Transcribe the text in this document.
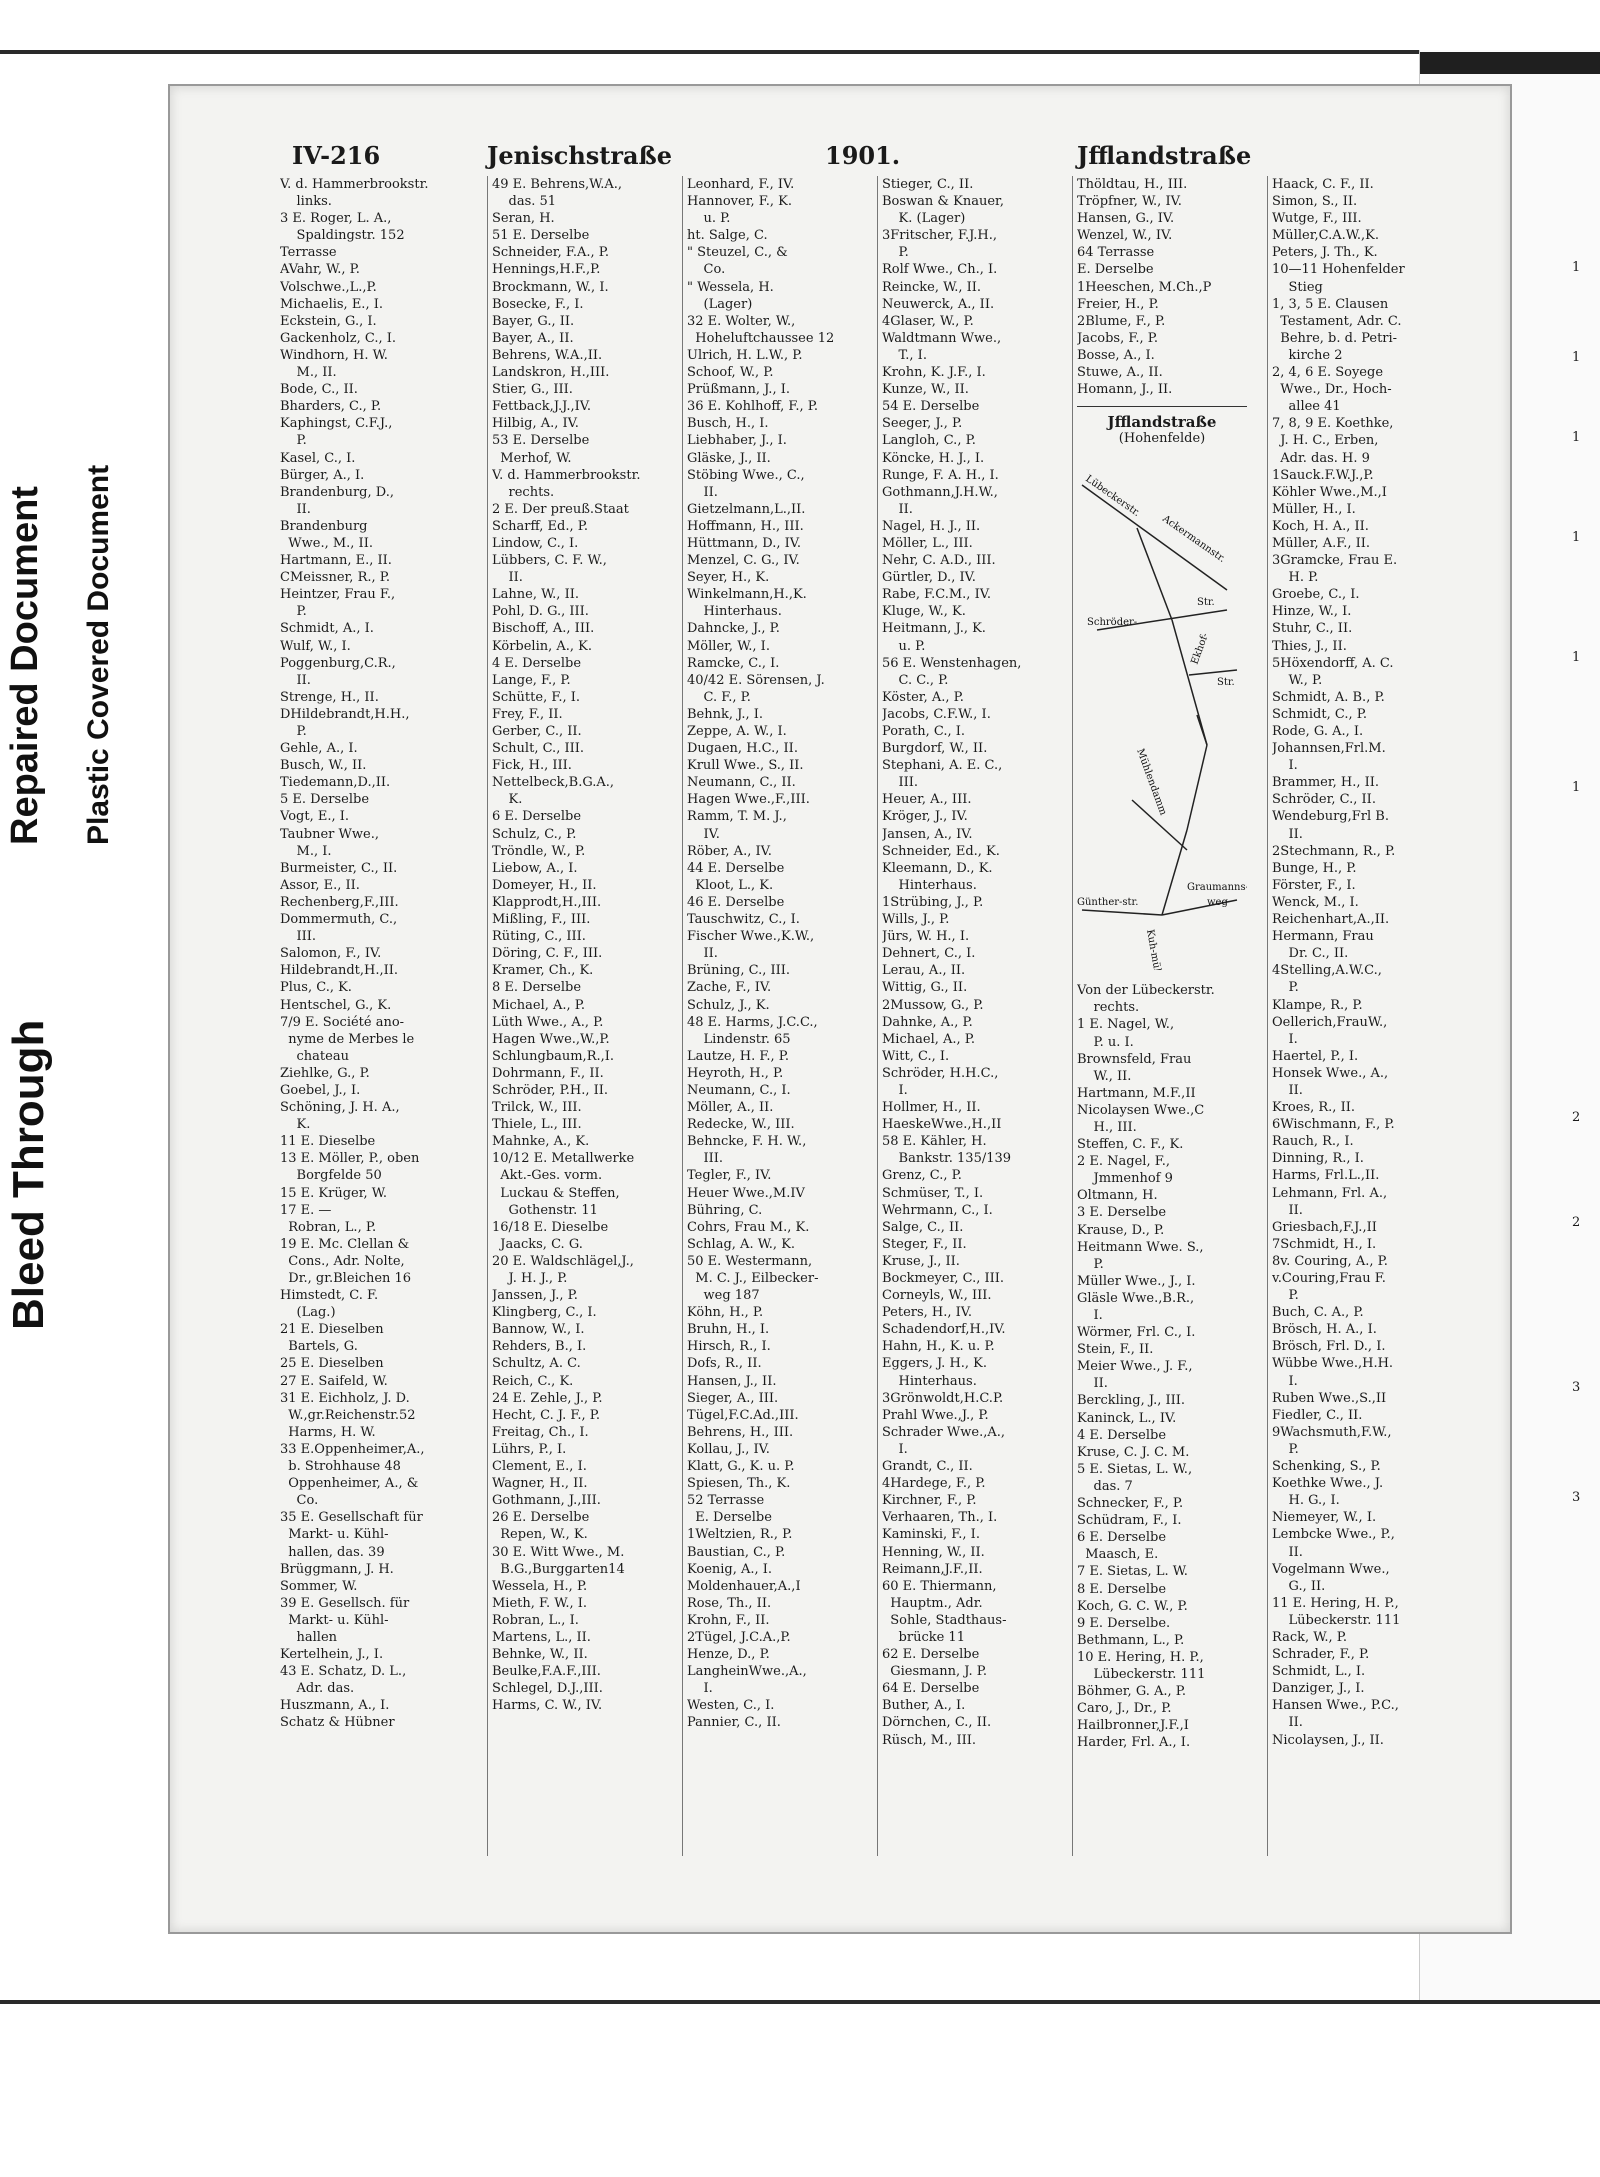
Bleed Through
Repaired Document Plastic Covered Document
1
1
1
1
1
1
2
2
3
3
IV-216	Jenischstraße	1901.	Jfflandstraße
V. d. Hammerbrookstr.
links.
3 E. Roger, L. A.,
Spaldingstr. 152
Terrasse
AVahr, W., P.
Volschwe.,L.,P.
Michaelis, E., I.
Eckstein, G., I.
Gackenholz, C., I.
Windhorn, H. W.
M., II.
Bode, C., II.
Bharders, C., P.
Kaphingst, C.F.J.,
P.
Kasel, C., I.
Bürger, A., I.
Brandenburg, D.,
II.
Brandenburg
Wwe., M., II.
Hartmann, E., II.
CMeissner, R., P.
Heintzer, Frau F.,
P.
Schmidt, A., I.
Wulf, W., I.
Poggenburg,C.R.,
II.
Strenge, H., II.
DHildebrandt,H.H.,
P.
Gehle, A., I.
Busch, W., II.
Tiedemann,D.,II.
5 E. Derselbe
Vogt, E., I.
Taubner Wwe.,
M., I.
Burmeister, C., II.
Assor, E., II.
Rechenberg,F.,III.
Dommermuth, C.,
III.
Salomon, F., IV.
Hildebrandt,H.,II.
Plus, C., K.
Hentschel, G., K.
7/9 E. Société ano-
nyme de Merbes le
chateau
Ziehlke, G., P.
Goebel, J., I.
Schöning, J. H. A.,
K.
11 E. Dieselbe
13 E. Möller, P., oben
Borgfelde 50
15 E. Krüger, W.
17 E. —
Robran, L., P.
19 E. Mc. Clellan &
Cons., Adr. Nolte,
Dr., gr.Bleichen 16
Himstedt, C. F.
(Lag.)
21 E. Dieselben
Bartels, G.
25 E. Dieselben
27 E. Saifeld, W.
31 E. Eichholz, J. D.
W.,gr.Reichenstr.52
Harms, H. W.
33 E.Oppenheimer,A.,
b. Strohhause 48
Oppenheimer, A., &
Co.
35 E. Gesellschaft für
Markt- u. Kühl-
hallen, das. 39
Brüggmann, J. H.
Sommer, W.
39 E. Gesellsch. für
Markt- u. Kühl-
hallen
Kertelhein, J., I.
43 E. Schatz, D. L.,
Adr. das.
Huszmann, A., I.
Schatz & Hübner
49 E. Behrens,W.A.,
das. 51
Seran, H.
51 E. Derselbe
Schneider, F.A., P.
Hennings,H.F.,P.
Brockmann, W., I.
Bosecke, F., I.
Bayer, G., II.
Bayer, A., II.
Behrens, W.A.,II.
Landskron, H.,III.
Stier, G., III.
Fettback,J.J.,IV.
Hilbig, A., IV.
53 E. Derselbe
Merhof, W.
V. d. Hammerbrookstr.
rechts.
2 E. Der preuß.Staat
Scharff, Ed., P.
Lindow, C., I.
Lübbers, C. F. W.,
II.
Lahne, W., II.
Pohl, D. G., III.
Bischoff, A., III.
Körbelin, A., K.
4 E. Derselbe
Lange, F., P.
Schütte, F., I.
Frey, F., II.
Gerber, C., II.
Schult, C., III.
Fick, H., III.
Nettelbeck,B.G.A.,
K.
6 E. Derselbe
Schulz, C., P.
Tröndle, W., P.
Liebow, A., I.
Domeyer, H., II.
Klapprodt,H.,III.
Mißling, F., III.
Rüting, C., III.
Döring, C. F., III.
Kramer, Ch., K.
8 E. Derselbe
Michael, A., P.
Lüth Wwe., A., P.
Hagen Wwe.,W.,P.
Schlungbaum,R.,I.
Dohrmann, F., II.
Schröder, P.H., II.
Trilck, W., III.
Thiele, L., III.
Mahnke, A., K.
10/12 E. Metallwerke
Akt.-Ges. vorm.
Luckau & Steffen,
Gothenstr. 11
16/18 E. Dieselbe
Jaacks, C. G.
20 E. Waldschlägel,J.,
J. H. J., P.
Janssen, J., P.
Klingberg, C., I.
Bannow, W., I.
Rehders, B., I.
Schultz, A. C.
Reich, C., K.
24 E. Zehle, J., P.
Hecht, C. J. F., P.
Freitag, Ch., I.
Lührs, P., I.
Clement, E., I.
Wagner, H., II.
Gothmann, J.,III.
26 E. Derselbe
Repen, W., K.
30 E. Witt Wwe., M.
B.G.,Burggarten14
Wessela, H., P.
Mieth, F. W., I.
Robran, L., I.
Martens, L., II.
Behnke, W., II.
Beulke,F.A.F.,III.
Schlegel, D.J.,III.
Harms, C. W., IV.
Leonhard, F., IV.
Hannover, F., K.
u. P.
ht. Salge, C.
" Steuzel, C., &
Co.
" Wessela, H.
(Lager)
32 E. Wolter, W.,
Hoheluftchaussee 12
Ulrich, H. L.W., P.
Schoof, W., P.
Prüßmann, J., I.
36 E. Kohlhoff, F., P.
Busch, H., I.
Liebhaber, J., I.
Gläske, J., II.
Stöbing Wwe., C.,
II.
Gietzelmann,L.,II.
Hoffmann, H., III.
Hüttmann, D., IV.
Menzel, C. G., IV.
Seyer, H., K.
Winkelmann,H.,K.
Hinterhaus.
Dahncke, J., P.
Möller, W., I.
Ramcke, C., I.
40/42 E. Sörensen, J.
C. F., P.
Behnk, J., I.
Zeppe, A. W., I.
Dugaen, H.C., II.
Krull Wwe., S., II.
Neumann, C., II.
Hagen Wwe.,F.,III.
Ramm, T. M. J.,
IV.
Röber, A., IV.
44 E. Derselbe
Kloot, L., K.
46 E. Derselbe
Tauschwitz, C., I.
Fischer Wwe.,K.W.,
II.
Brüning, C., III.
Zache, F., IV.
Schulz, J., K.
48 E. Harms, J.C.C.,
Lindenstr. 65
Lautze, H. F., P.
Heyroth, H., P.
Neumann, C., I.
Möller, A., II.
Redecke, W., III.
Behncke, F. H. W.,
III.
Tegler, F., IV.
Heuer Wwe.,M.IV
Bühring, C.
Cohrs, Frau M., K.
Schlag, A. W., K.
50 E. Westermann,
M. C. J., Eilbecker-
weg 187
Köhn, H., P.
Bruhn, H., I.
Hirsch, R., I.
Dofs, R., II.
Hansen, J., II.
Sieger, A., III.
Tügel,F.C.Ad.,III.
Behrens, H., III.
Kollau, J., IV.
Klatt, G., K. u. P.
Spiesen, Th., K.
52 Terrasse
E. Derselbe
1Weltzien, R., P.
Baustian, C., P.
Koenig, A., I.
Moldenhauer,A.,I
Rose, Th., II.
Krohn, F., II.
2Tügel, J.C.A.,P.
Henze, D., P.
LangheinWwe.,A.,
I.
Westen, C., I.
Pannier, C., II.
Stieger, C., II.
Boswan & Knauer,
K. (Lager)
3Fritscher, F.J.H.,
P.
Rolf Wwe., Ch., I.
Reincke, W., II.
Neuwerck, A., II.
4Glaser, W., P.
Waldtmann Wwe.,
T., I.
Krohn, K. J.F., I.
Kunze, W., II.
54 E. Derselbe
Seeger, J., P.
Langloh, C., P.
Köncke, H. J., I.
Runge, F. A. H., I.
Gothmann,J.H.W.,
II.
Nagel, H. J., II.
Möller, L., III.
Nehr, C. A.D., III.
Gürtler, D., IV.
Rabe, F.C.M., IV.
Kluge, W., K.
Heitmann, J., K.
u. P.
56 E. Wenstenhagen,
C. C., P.
Köster, A., P.
Jacobs, C.F.W., I.
Porath, C., I.
Burgdorf, W., II.
Stephani, A. E. C.,
III.
Heuer, A., III.
Kröger, J., IV.
Jansen, A., IV.
Schneider, Ed., K.
Kleemann, D., K.
Hinterhaus.
1Strübing, J., P.
Wills, J., P.
Jürs, W. H., I.
Dehnert, C., I.
Lerau, A., II.
Wittig, G., II.
2Mussow, G., P.
Dahnke, A., P.
Michael, A., P.
Witt, C., I.
Schröder, H.H.C.,
I.
Hollmer, H., II.
HaeskeWwe.,H.,II
58 E. Kähler, H.
Bankstr. 135/139
Grenz, C., P.
Schmüser, T., I.
Wehrmann, C., I.
Salge, C., II.
Steger, F., II.
Kruse, J., II.
Bockmeyer, C., III.
Corneyls, W., III.
Peters, H., IV.
Schadendorf,H.,IV.
Hahn, H., K. u. P.
Eggers, J. H., K.
Hinterhaus.
3Grönwoldt,H.C.P.
Prahl Wwe.,J., P.
Schrader Wwe.,A.,
I.
Grandt, C., II.
4Hardege, F., P.
Kirchner, F., P.
Verhaaren, Th., I.
Kaminski, F., I.
Henning, W., II.
Reimann,J.F.,II.
60 E. Thiermann,
Hauptm., Adr.
Sohle, Stadthaus-
brücke 11
62 E. Derselbe
Giesmann, J. P.
64 E. Derselbe
Buther, A., I.
Dörnchen, C., II.
Rüsch, M., III.
Thöldtau, H., III.
Tröpfner, W., IV.
Hansen, G., IV.
Wenzel, W., IV.
64 Terrasse
E. Derselbe
1Heeschen, M.Ch.,P
Freier, H., P.
2Blume, F., P.
Jacobs, F., P.
Bosse, A., I.
Stuwe, A., II.
Homann, J., II.
Jfflandstraße
(Hohenfelde)
Lübeckerstr.
Ackermannstr.
Schröder-
Str.
Ekhof-
Str.
Mühlendamm
Günther-str.
Graumanns-
weg
Kuh-mühle
Von der Lübeckerstr.
rechts.
1 E. Nagel, W.,
P. u. I.
Brownsfeld, Frau
W., II.
Hartmann, M.F.,II
Nicolaysen Wwe.,C
H., III.
Steffen, C. F., K.
2 E. Nagel, F.,
Jmmenhof 9
Oltmann, H.
3 E. Derselbe
Krause, D., P.
Heitmann Wwe. S.,
P.
Müller Wwe., J., I.
Gläsle Wwe.,B.R.,
I.
Wörmer, Frl. C., I.
Stein, F., II.
Meier Wwe., J. F.,
II.
Berckling, J., III.
Kaninck, L., IV.
4 E. Derselbe
Kruse, C. J. C. M.
5 E. Sietas, L. W.,
das. 7
Schnecker, F., P.
Schüdram, F., I.
6 E. Derselbe
Maasch, E.
7 E. Sietas, L. W.
8 E. Derselbe
Koch, G. C. W., P.
9 E. Derselbe.
Bethmann, L., P.
10 E. Hering, H. P.,
Lübeckerstr. 111
Böhmer, G. A., P.
Caro, J., Dr., P.
Hailbronner,J.F.,I
Harder, Frl. A., I.
Haack, C. F., II.
Simon, S., II.
Wutge, F., III.
Müller,C.A.W.,K.
Peters, J. Th., K.
10—11 Hohenfelder
Stieg
1, 3, 5 E. Clausen
Testament, Adr. C.
Behre, b. d. Petri-
kirche 2
2, 4, 6 E. Soyege
Wwe., Dr., Hoch-
allee 41
7, 8, 9 E. Koethke,
J. H. C., Erben,
Adr. das. H. 9
1Sauck.F.W.J.,P.
Köhler Wwe.,M.,I
Müller, H., I.
Koch, H. A., II.
Müller, A.F., II.
3Gramcke, Frau E.
H. P.
Groebe, C., I.
Hinze, W., I.
Stuhr, C., II.
Thies, J., II.
5Höxendorff, A. C.
W., P.
Schmidt, A. B., P.
Schmidt, C., P.
Rode, G. A., I.
Johannsen,Frl.M.
I.
Brammer, H., II.
Schröder, C., II.
Wendeburg,Frl B.
II.
2Stechmann, R., P.
Bunge, H., P.
Förster, F., I.
Wenck, M., I.
Reichenhart,A.,II.
Hermann, Frau
Dr. C., II.
4Stelling,A.W.C.,
P.
Klampe, R., P.
Oellerich,FrauW.,
I.
Haertel, P., I.
Honsek Wwe., A.,
II.
Kroes, R., II.
6Wischmann, F., P.
Rauch, R., I.
Dinning, R., I.
Harms, Frl.L.,II.
Lehmann, Frl. A.,
II.
Griesbach,F.J.,II
7Schmidt, H., I.
8v. Couring, A., P.
v.Couring,Frau F.
P.
Buch, C. A., P.
Brösch, H. A., I.
Brösch, Frl. D., I.
Wübbe Wwe.,H.H.
I.
Ruben Wwe.,S.,II
Fiedler, C., II.
9Wachsmuth,F.W.,
P.
Schenking, S., P.
Koethke Wwe., J.
H. G., I.
Niemeyer, W., I.
Lembcke Wwe., P.,
II.
Vogelmann Wwe.,
G., II.
11 E. Hering, H. P.,
Lübeckerstr. 111
Rack, W., P.
Schrader, F., P.
Schmidt, L., I.
Danziger, J., I.
Hansen Wwe., P.C.,
II.
Nicolaysen, J., II.
